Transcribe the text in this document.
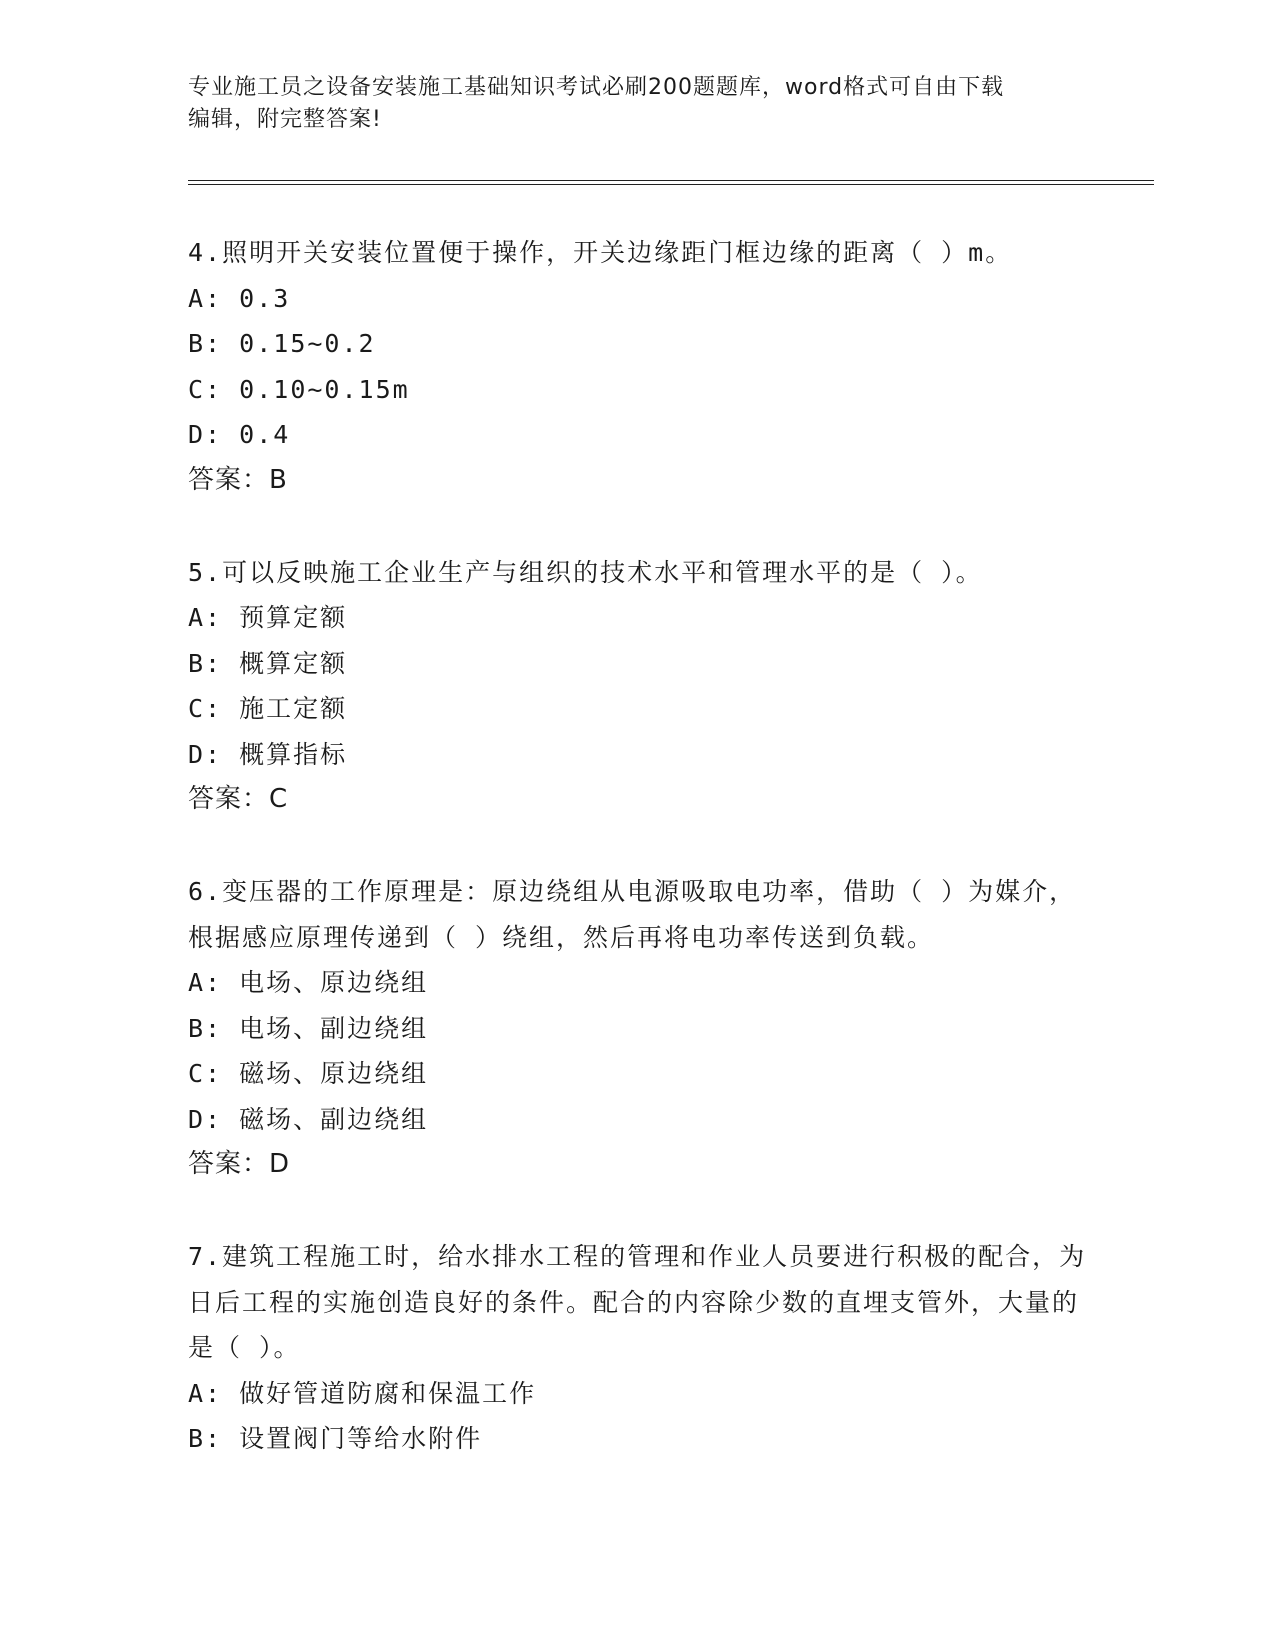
专业施工员之设备安装施工基础知识考试必刷200题题库，word格式可自由下载
编辑，附完整答案!
4.照明开关安装位置便于操作，开关边缘距门框边缘的距离（ ）m。
A: 0.3
B: 0.15~0.2
C: 0.10~0.15m
D: 0.4
答案：B
5.可以反映施工企业生产与组织的技术水平和管理水平的是（ ）。
A: 预算定额
B: 概算定额
C: 施工定额
D: 概算指标
答案：C
6.变压器的工作原理是：原边绕组从电源吸取电功率，借助（ ）为媒介，根据感应原理传递到（ ）绕组，然后再将电功率传送到负载。
A: 电场、原边绕组
B: 电场、副边绕组
C: 磁场、原边绕组
D: 磁场、副边绕组
答案：D
7.建筑工程施工时，给水排水工程的管理和作业人员要进行积极的配合，为日后工程的实施创造良好的条件。配合的内容除少数的直埋支管外，大量的是（ ）。
A: 做好管道防腐和保温工作
B: 设置阀门等给水附件
